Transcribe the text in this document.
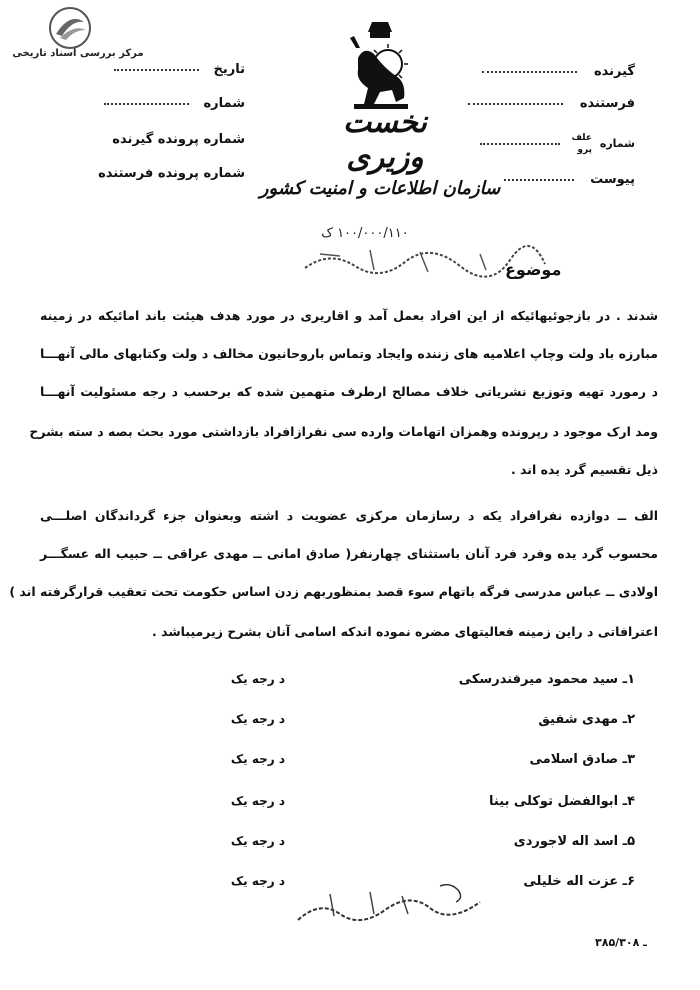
مرکز بررسی اسناد تاریخی
گیرنده
فرستنده
شماره
علف
پرو

پیوست
تاریخ
شماره
شماره پرونده گیرنده
شماره پرونده فرستنده
نخست وزیری
سازمان اطلاعات و امنیت کشور
۱۰۰/۰۰۰/۱۱۰ ک
موضوع
شدند . در بازجوئیهائیکه از این افراد بعمل آمد و اقاریری در مورد هدف هیئت باند امائیکه در زمینه
مبارزه باد ولت وچاپ اعلامیه های زننده وایجاد وتماس باروحانیون مخالف د ولت وکتابهای مالی آنهـــا
د رمورد تهیه وتوزیع نشریاتی خلاف مصالح ارطرف متهمین شده که برحسب د رجه مسئولیت آنهـــا
ومد ارک موجود د رپرونده وهمزان اتهامات وارده سی نفرازافراد بازداشتی مورد بحث بصه د سته بشرح
ذیل تقسیم گرد یده اند .
الف ــ دوازده نفرافراد یکه د رسازمان مرکزی عضویت د اشته وبعنوان جزء گرداندگان اصلـــی
محسوب گرد یده وفرد فرد آنان باستثنای چهارنفر( صادق امانی ــ مهدی عراقی ــ حبیب اله عسگـــر
اولادی ــ عباس مدرسی فرگه باتهام سوء قصد بمنظوربهم زدن اساس حکومت تحت تعقیب قرارگرفته اند )
اعترافاتی د راین زمینه فعالیتهای مضره نموده اندکه اسامی آنان بشرح زیرمیباشد .
۱ـ سید محمود میرفندرسکی
د رجه یک
۲ـ مهدی شفیق
د رجه یک
۳ـ صادق اسلامی
د رجه یک
۴ـ ابوالفضل توکلی بینا
د رجه یک
۵ـ اسد اله لاجوردی
د رجه یک
۶ـ عزت اله خلیلی
د رجه یک
۳۸ـ ۵/۳۰۸
